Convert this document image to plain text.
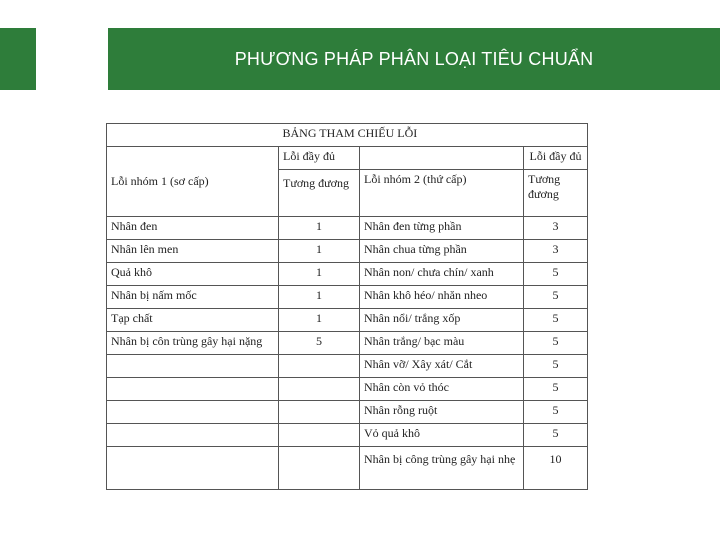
PHƯƠNG PHÁP PHÂN LOẠI TIÊU CHUẨN
	BẢNG THAM CHIẾU LỖI		
Lỗi nhóm 1 (sơ cấp)	Lỗi đầy đủ		Lỗi đầy đủ
	Tương đương	Lỗi nhóm 2 (thứ cấp)	Tương đương
Nhân đen	1	Nhân đen từng phần	3
Nhân lên men	1	Nhân chua từng phần	3
Quả khô	1	Nhân non/ chưa chín/ xanh	5
Nhân bị nấm mốc	1	Nhân khô héo/ nhăn nheo	5
Tạp chất	1	Nhân nổi/ trắng xốp	5
Nhân bị côn trùng gây hại nặng	5	Nhân trắng/ bạc màu	5
		Nhân vỡ/ Xây xát/ Cắt	5
		Nhân còn vỏ thóc	5
		Nhân rỗng ruột	5
		Vỏ quả khô	5
		Nhân bị công trùng gây hại nhẹ	10
